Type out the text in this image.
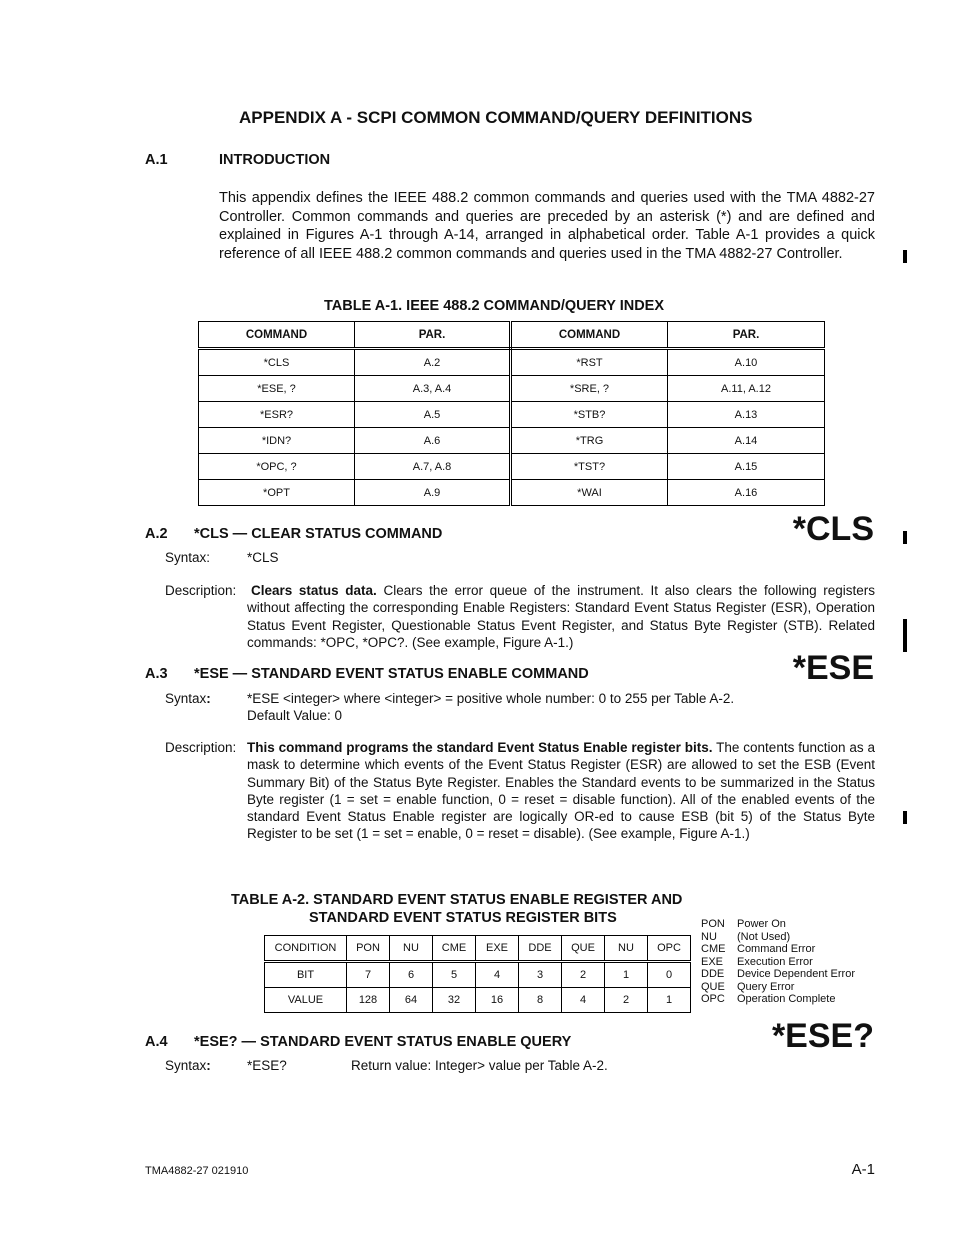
APPENDIX A - SCPI COMMON COMMAND/QUERY DEFINITIONS
A.1	INTRODUCTION
This appendix defines the IEEE 488.2 common commands and queries used with the TMA 4882-27 Controller. Common commands and queries are preceded by an asterisk (*) and are defined and explained in Figures A-1 through A-14, arranged in alphabetical order. Table A-1 provides a quick reference of all IEEE 488.2 common commands and queries used in the TMA 4882-27 Controller.
TABLE A-1. IEEE 488.2 COMMAND/QUERY INDEX
COMMAND	PAR.	COMMAND	PAR.
*CLS	A.2	*RST	A.10
*ESE, ?	A.3, A.4	*SRE, ?	A.11, A.12
*ESR?	A.5	*STB?	A.13
*IDN?	A.6	*TRG	A.14
*OPC, ?	A.7, A.8	*TST?	A.15
*OPT	A.9	*WAI	A.16
A.2 *CLS — CLEAR STATUS COMMAND	*CLS
Syntax:	*CLS
Description: Clears status data. Clears the error queue of the instrument. It also clears the following registers without affecting the corresponding Enable Registers: Standard Event Status Register (ESR), Operation Status Event Register, Questionable Status Event Register, and Status Byte Register (STB). Related commands: *OPC, *OPC?. (See example, Figure A-1.)
A.3 *ESE — STANDARD EVENT STATUS ENABLE COMMAND	*ESE
Syntax:	*ESE <integer> where <integer> = positive whole number: 0 to 255 per Table A-2.
Default Value: 0
Description: This command programs the standard Event Status Enable register bits. The contents function as a mask to determine which events of the Event Status Register (ESR) are allowed to set the ESB (Event Summary Bit) of the Status Byte Register. Enables the Standard events to be summarized in the Status Byte register (1 = set = enable function, 0 = reset = disable function). All of the enabled events of the standard Event Status Enable register are logically OR-ed to cause ESB (bit 5) of the Status Byte Register to be set (1 = set = enable, 0 = reset = disable). (See example, Figure A-1.)
TABLE A-2. STANDARD EVENT STATUS ENABLE REGISTER AND
STANDARD EVENT STATUS REGISTER BITS
CONDITION	PON	NU	CME	EXE	DDE	QUE	NU	OPC
BIT	7	6	5	4	3	2	1	0
VALUE	128	64	32	16	8	4	2	1
PON Power On
NU (Not Used)
CME Command Error
EXE Execution Error
DDE Device Dependent Error
QUE Query Error
OPC Operation Complete
A.4 *ESE? — STANDARD EVENT STATUS ENABLE QUERY	*ESE?
Syntax:	*ESE?	Return value: Integer> value per Table A-2.
TMA4882-27 021910	A-1
